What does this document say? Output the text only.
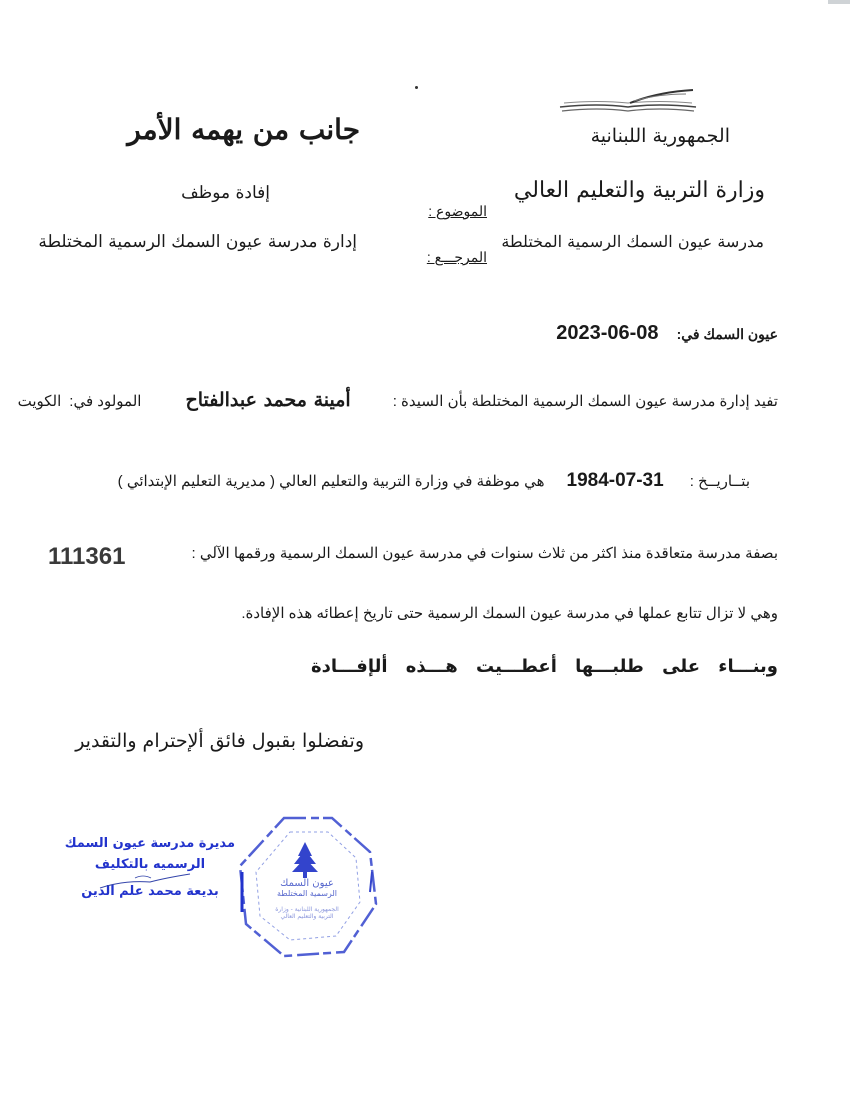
الجمهورية اللبنانية
وزارة التربية والتعليم العالي
مدرسة عيون السمك الرسمية المختلطة
جانب من يهمه الأمر
إفادة موظف
إدارة مدرسة عيون السمك الرسمية المختلطة
الموضوع :
المرجـــع :
عيون السمك في:
2023-06-08
تفيد إدارة مدرسة عيون السمك الرسمية المختلطة بأن السيدة :
أمينة محمد عبدالفتاح
المولود في:
الكويت
بتــاريــخ :
1984-07-31
هي موظفة في وزارة التربية والتعليم العالي ( مديرية التعليم الإبتدائي )
بصفة مدرسة متعاقدة منذ اكثر من ثلاث سنوات في مدرسة عيون السمك الرسمية ورقمها الآلي :
111361
وهي لا تزال تتابع عملها في مدرسة عيون السمك الرسمية حتى تاريخ إعطائه هذه الإفادة.
وبنـــاء على طلبـــها أعطـــيت هـــذه ألإفـــادة
وتفضلوا بقبول فائق ألإحترام والتقدير
مديرة مدرسة عيون السمك
الرسميه بالتكليف
بديعة محمد علم الدين
عيون السمك
الرسمية المختلطة
الجمهورية اللبنانية - وزارة التربية والتعليم العالي
